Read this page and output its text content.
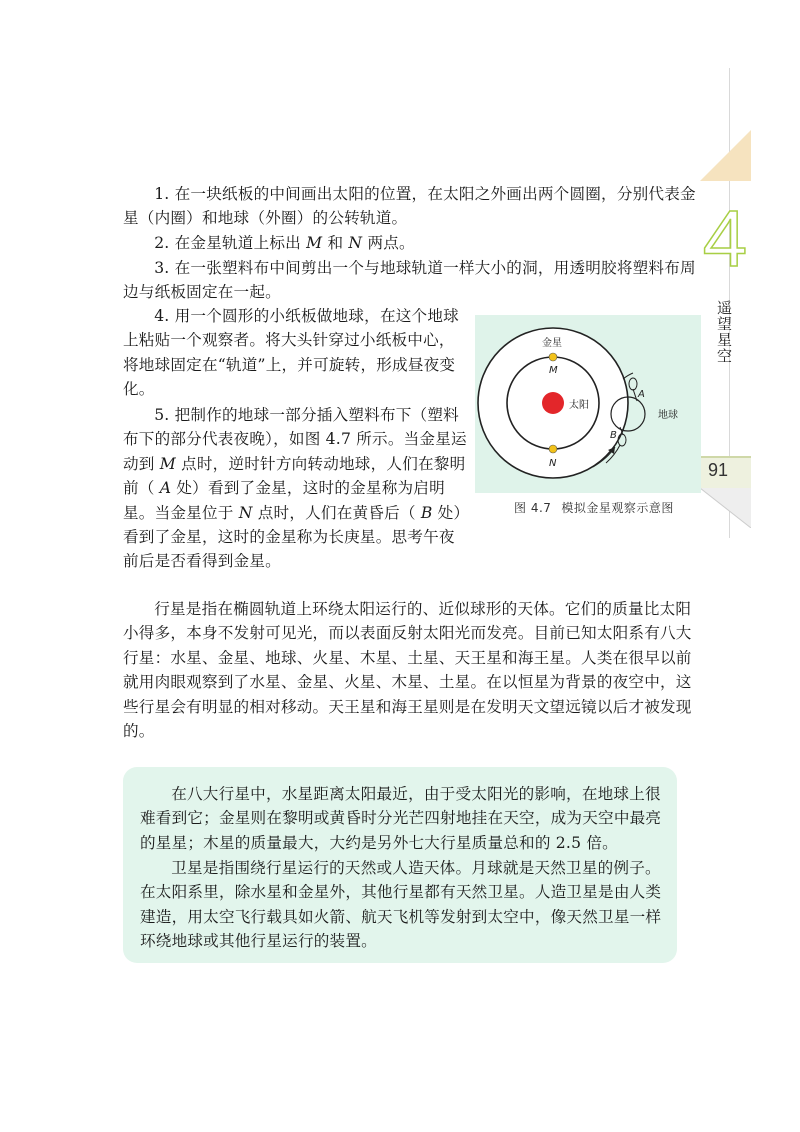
4
遥望星空
91

1. 在一块纸板的中间画出太阳的位置，在太阳之外画出两个圆圈，分别代表金星（内圈）和地球（外圈）的公转轨道。

2. 在金星轨道上标出 M 和 N 两点。

3. 在一张塑料布中间剪出一个与地球轨道一样大小的洞，用透明胶将塑料布周边与纸板固定在一起。

4. 用一个圆形的小纸板做地球，在这个地球上粘贴一个观察者。将大头针穿过小纸板中心，将地球固定在“轨道”上，并可旋转，形成昼夜变化。

5. 把制作的地球一部分插入塑料布下（塑料布下的部分代表夜晚），如图 4.7 所示。当金星运动到 M 点时，逆时针方向转动地球，人们在黎明前（ A 处）看到了金星，这时的金星称为启明星。当金星位于 N 点时，人们在黄昏后（ B 处）看到了金星，这时的金星称为长庚星。思考午夜前后是否看得到金星。

太阳
金星
M
N
A
B
地球
图 4.7 模拟金星观察示意图

行星是指在椭圆轨道上环绕太阳运行的、近似球形的天体。它们的质量比太阳小得多，本身不发射可见光，而以表面反射太阳光而发亮。目前已知太阳系有八大行星：水星、金星、地球、火星、木星、土星、天王星和海王星。人类在很早以前就用肉眼观察到了水星、金星、火星、木星、土星。在以恒星为背景的夜空中，这些行星会有明显的相对移动。天王星和海王星则是在发明天文望远镜以后才被发现的。

在八大行星中，水星距离太阳最近，由于受太阳光的影响，在地球上很难看到它；金星则在黎明或黄昏时分光芒四射地挂在天空，成为天空中最亮的星星；木星的质量最大，大约是另外七大行星质量总和的 2.5 倍。

卫星是指围绕行星运行的天然或人造天体。月球就是天然卫星的例子。在太阳系里，除水星和金星外，其他行星都有天然卫星。人造卫星是由人类建造，用太空飞行载具如火箭、航天飞机等发射到太空中，像天然卫星一样环绕地球或其他行星运行的装置。
